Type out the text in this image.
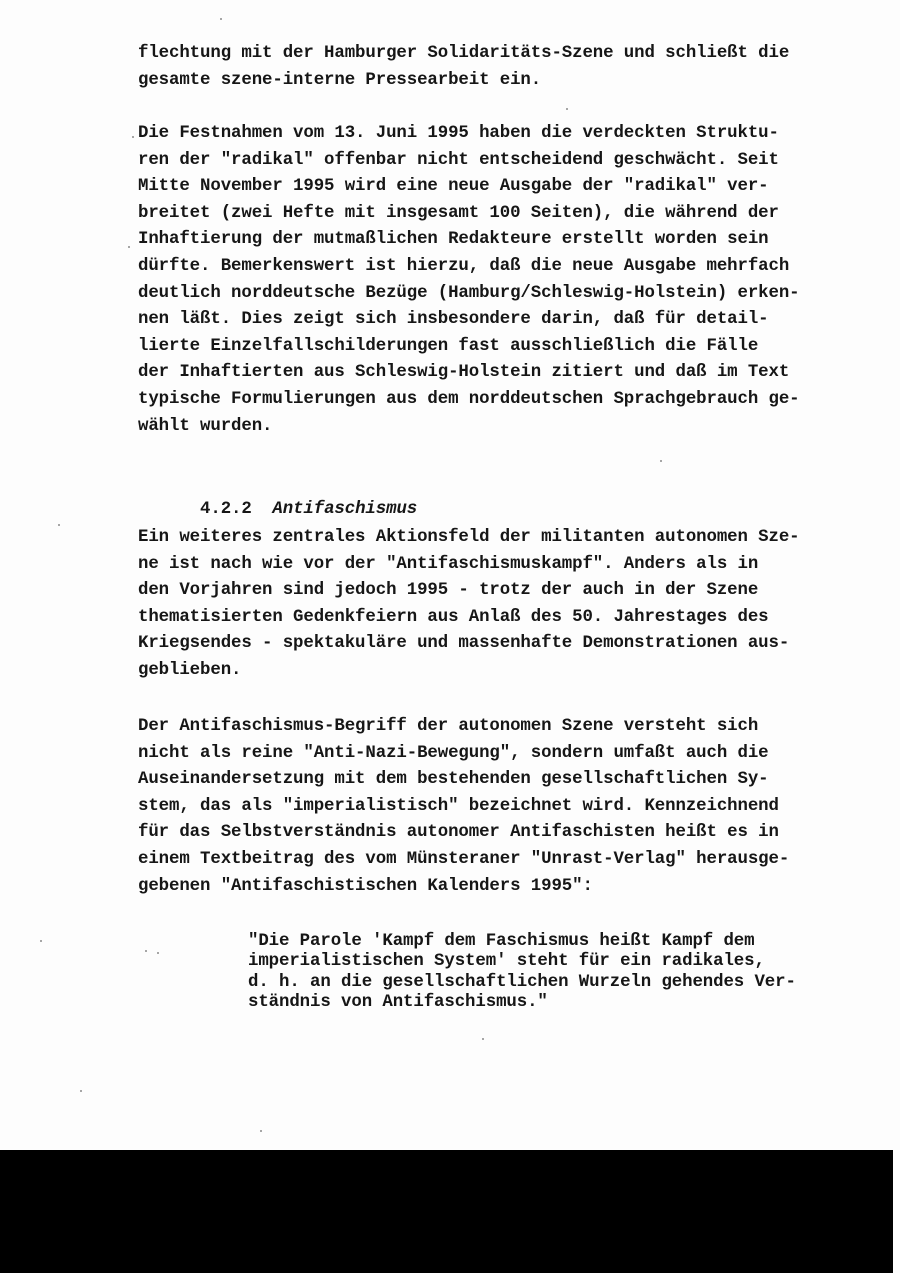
flechtung mit der Hamburger Solidaritäts-Szene und schließt die
gesamte szene-interne Pressearbeit ein.
Die Festnahmen vom 13. Juni 1995 haben die verdeckten Struktu-
ren der "radikal" offenbar nicht entscheidend geschwächt. Seit
Mitte November 1995 wird eine neue Ausgabe der "radikal" ver-
breitet (zwei Hefte mit insgesamt 100 Seiten), die während der
Inhaftierung der mutmaßlichen Redakteure erstellt worden sein
dürfte. Bemerkenswert ist hierzu, daß die neue Ausgabe mehrfach
deutlich norddeutsche Bezüge (Hamburg/Schleswig-Holstein) erken-
nen läßt. Dies zeigt sich insbesondere darin, daß für detail-
lierte Einzelfallschilderungen fast ausschließlich die Fälle
der Inhaftierten aus Schleswig-Holstein zitiert und daß im Text
typische Formulierungen aus dem norddeutschen Sprachgebrauch ge-
wählt wurden.

4.2.2 Antifaschismus

Ein weiteres zentrales Aktionsfeld der militanten autonomen Sze-
ne ist nach wie vor der "Antifaschismuskampf". Anders als in
den Vorjahren sind jedoch 1995 - trotz der auch in der Szene
thematisierten Gedenkfeiern aus Anlaß des 50. Jahrestages des
Kriegsendes - spektakuläre und massenhafte Demonstrationen aus-
geblieben.
Der Antifaschismus-Begriff der autonomen Szene versteht sich
nicht als reine "Anti-Nazi-Bewegung", sondern umfaßt auch die
Auseinandersetzung mit dem bestehenden gesellschaftlichen Sy-
stem, das als "imperialistisch" bezeichnet wird. Kennzeichnend
für das Selbstverständnis autonomer Antifaschisten heißt es in
einem Textbeitrag des vom Münsteraner "Unrast-Verlag" herausge-
gebenen "Antifaschistischen Kalenders 1995":
"Die Parole 'Kampf dem Faschismus heißt Kampf dem
imperialistischen System' steht für ein radikales,
d. h. an die gesellschaftlichen Wurzeln gehendes Ver-
ständnis von Antifaschismus."
